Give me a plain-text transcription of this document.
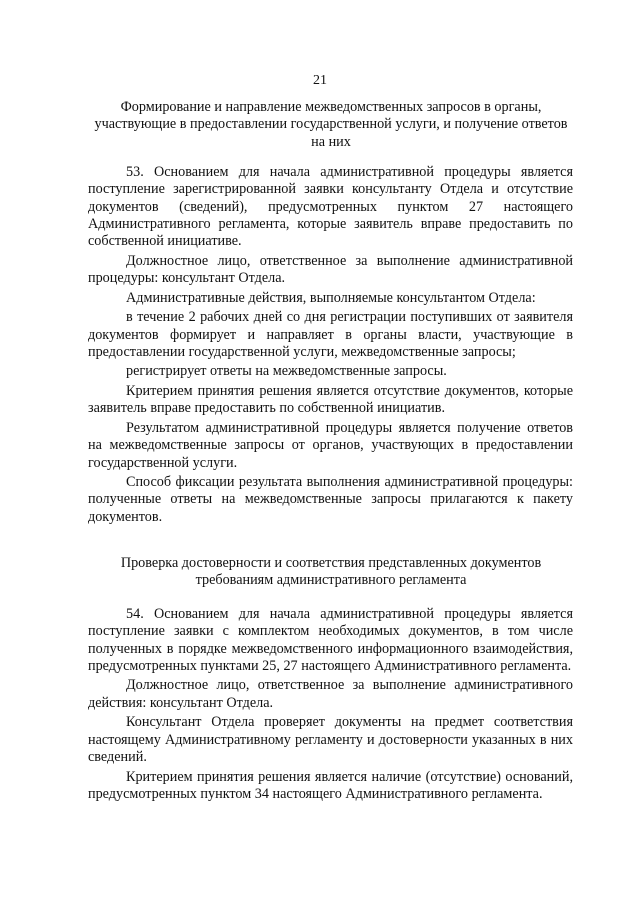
21
Формирование и направление межведомственных запросов в органы, участвующие в предоставлении государственной услуги, и получение ответов на них

53. Основанием для начала административной процедуры является поступление зарегистрированной заявки консультанту Отдела и отсутствие документов (сведений), предусмотренных пунктом 27 настоящего Административного регламента, которые заявитель вправе предоставить по собственной инициативе.

Должностное лицо, ответственное за выполнение административной процедуры: консультант Отдела.

Административные действия, выполняемые консультантом Отдела:

в течение 2 рабочих дней со дня регистрации поступивших от заявителя документов формирует и направляет в органы власти, участвующие в предоставлении государственной услуги, межведомственные запросы;

регистрирует ответы на межведомственные запросы.

Критерием принятия решения является отсутствие документов, которые заявитель вправе предоставить по собственной инициатив.

Результатом административной процедуры является получение ответов на межведомственные запросы от органов, участвующих в предоставлении государственной услуги.

Способ фиксации результата выполнения административной процедуры: полученные ответы на межведомственные запросы прилагаются к пакету документов.

Проверка достоверности и соответствия представленных документов требованиям административного регламента

54. Основанием для начала административной процедуры является поступление заявки с комплектом необходимых документов, в том числе полученных в порядке межведомственного информационного взаимодействия, предусмотренных пунктами 25, 27 настоящего Административного регламента.

Должностное лицо, ответственное за выполнение административного действия: консультант Отдела.

Консультант Отдела проверяет документы на предмет соответствия настоящему Административному регламенту и достоверности указанных в них сведений.

Критерием принятия решения является наличие (отсутствие) оснований, предусмотренных пунктом 34 настоящего Административного регламента.
